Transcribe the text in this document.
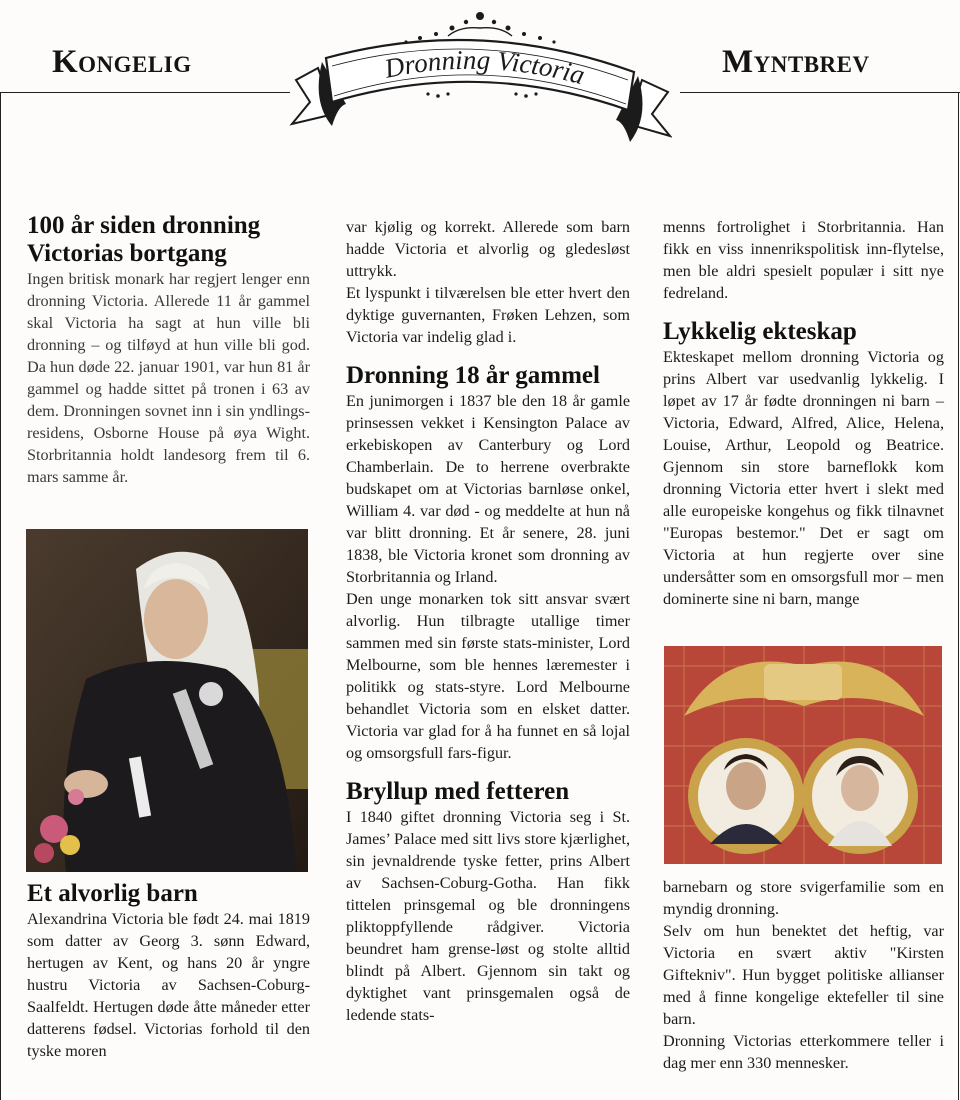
Kongelig	Myntbrev
Dronning Victoria
100 år siden dronning Victorias bortgang

Ingen britisk monark har regjert lenger enn dronning Victoria. Allerede 11 år gammel skal Victoria ha sagt at hun ville bli dronning – og tilføyd at hun ville bli god. Da hun døde 22. januar 1901, var hun 81 år gammel og hadde sittet på tronen i 63 av dem. Dronningen sovnet inn i sin yndlings-residens, Osborne House på øya Wight. Storbritannia holdt landesorg frem til 6. mars samme år.

Et alvorlig barn

Alexandrina Victoria ble født 24. mai 1819 som datter av Georg 3. sønn Edward, hertugen av Kent, og hans 20 år yngre hustru Victoria av Sachsen-Coburg-Saalfeldt. Hertugen døde åtte måneder etter datterens fødsel. Victorias forhold til den tyske moren

var kjølig og korrekt. Allerede som barn hadde Victoria et alvorlig og gledesløst uttrykk.

Et lyspunkt i tilværelsen ble etter hvert den dyktige guvernanten, Frøken Lehzen, som Victoria var indelig glad i.

Dronning 18 år gammel

En junimorgen i 1837 ble den 18 år gamle prinsessen vekket i Kensington Palace av erkebiskopen av Canterbury og Lord Chamberlain. De to herrene overbrakte budskapet om at Victorias barnløse onkel, William 4. var død - og meddelte at hun nå var blitt dronning. Et år senere, 28. juni 1838, ble Victoria kronet som dronning av Storbritannia og Irland.

Den unge monarken tok sitt ansvar svært alvorlig. Hun tilbragte utallige timer sammen med sin første stats-minister, Lord Melbourne, som ble hennes læremester i politikk og stats-styre. Lord Melbourne behandlet Victoria som en elsket datter. Victoria var glad for å ha funnet en så lojal og omsorgsfull fars-figur.

Bryllup med fetteren

I 1840 giftet dronning Victoria seg i St. James’ Palace med sitt livs store kjærlighet, sin jevnaldrende tyske fetter, prins Albert av Sachsen-Coburg-Gotha. Han fikk tittelen prinsgemal og ble dronningens pliktoppfyllende rådgiver. Victoria beundret ham grense-løst og stolte alltid blindt på Albert. Gjennom sin takt og dyktighet vant prinsgemalen også de ledende stats-

menns fortrolighet i Storbritannia. Han fikk en viss innenrikspolitisk inn-flytelse, men ble aldri spesielt populær i sitt nye fedreland.

Lykkelig ekteskap

Ekteskapet mellom dronning Victoria og prins Albert var usedvanlig lykkelig. I løpet av 17 år fødte dronningen ni barn – Victoria, Edward, Alfred, Alice, Helena, Louise, Arthur, Leopold og Beatrice. Gjennom sin store barneflokk kom dronning Victoria etter hvert i slekt med alle europeiske kongehus og fikk tilnavnet "Europas bestemor." Det er sagt om Victoria at hun regjerte over sine undersåtter som en omsorgsfull mor – men dominerte sine ni barn, mange

barnebarn og store svigerfamilie som en myndig dronning.

Selv om hun benektet det heftig, var Victoria en svært aktiv "Kirsten Giftekniv". Hun bygget politiske allianser med å finne kongelige ektefeller til sine barn.

Dronning Victorias etterkommere teller i dag mer enn 330 mennesker.
